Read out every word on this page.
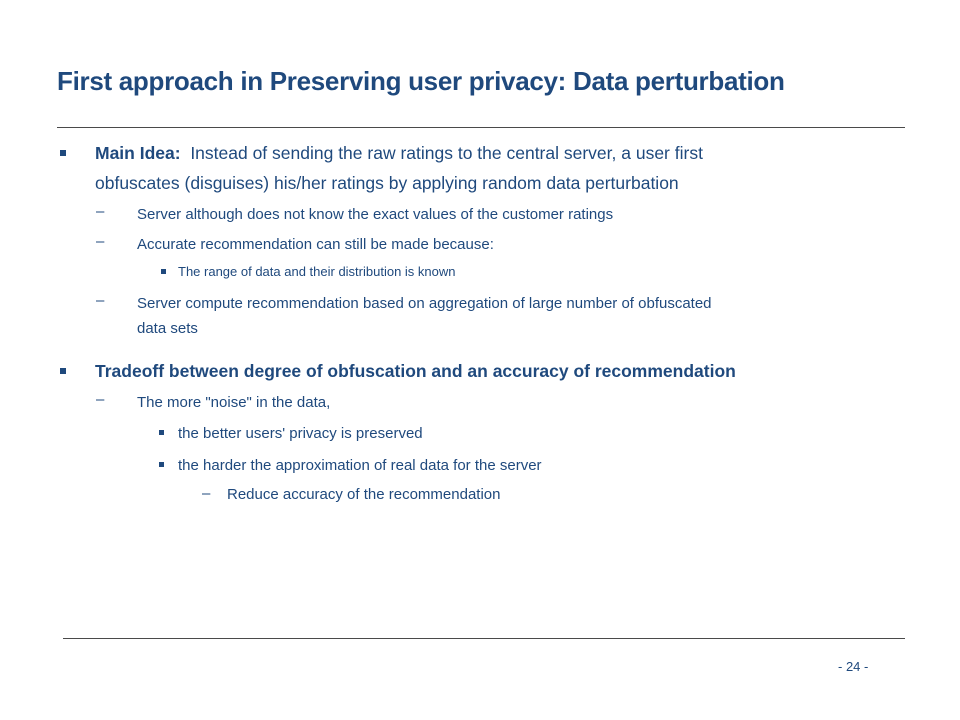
First approach in Preserving user privacy: Data perturbation
Main Idea: Instead of sending the raw ratings to the central server, a user first
obfuscates (disguises) his/her ratings by applying random data perturbation
– Server although does not know the exact values of the customer ratings
– Accurate recommendation can still be made because:
The range of data and their distribution is known
– Server compute recommendation based on aggregation of large number of obfuscated
data sets
Tradeoff between degree of obfuscation and an accuracy of recommendation
– The more "noise" in the data,
the better users' privacy is preserved
the harder the approximation of real data for the server
– Reduce accuracy of the recommendation
- 24 -
